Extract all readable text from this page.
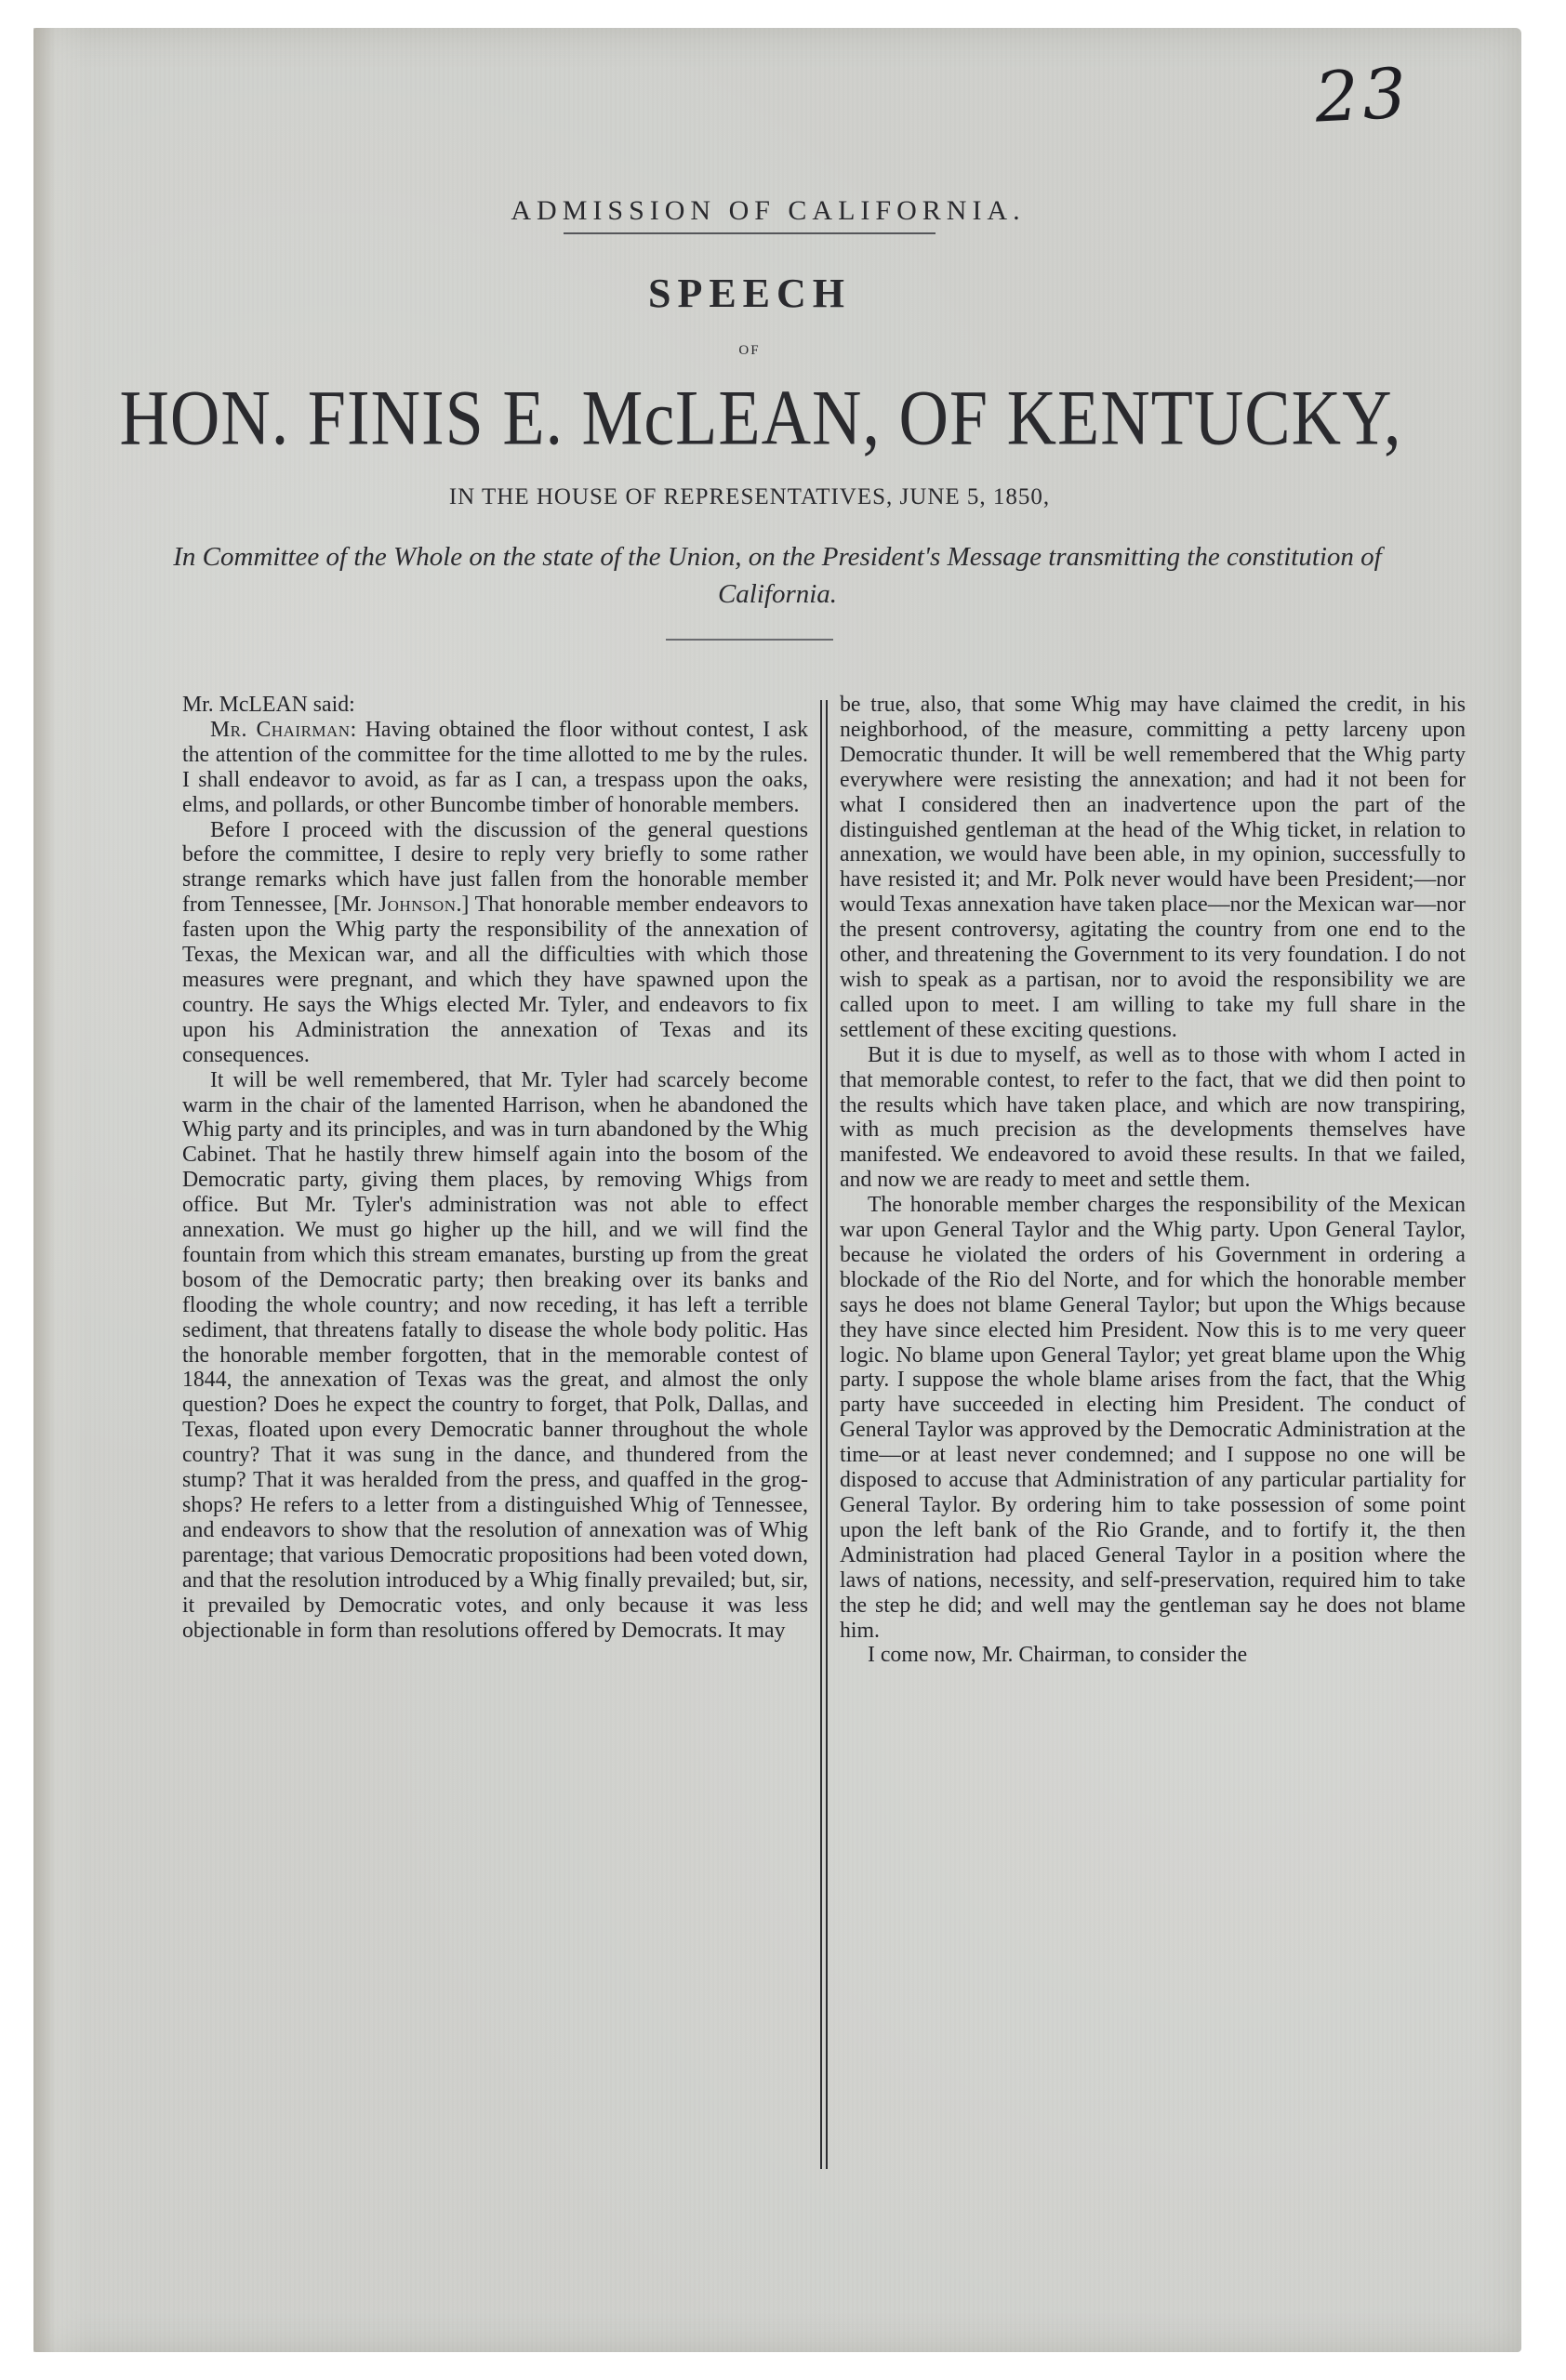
23
ADMISSION OF CALIFORNIA.
SPEECH
OF
HON. FINIS E. McLEAN, OF KENTUCKY,
IN THE HOUSE OF REPRESENTATIVES, JUNE 5, 1850,
In Committee of the Whole on the state of the Union, on the President's Message transmitting the constitution of California.

Mr. McLEAN said:

Mr. Chairman: Having obtained the floor without contest, I ask the attention of the committee for the time allotted to me by the rules. I shall endeavor to avoid, as far as I can, a trespass upon the oaks, elms, and pollards, or other Buncombe timber of honorable members.

Before I proceed with the discussion of the general questions before the committee, I desire to reply very briefly to some rather strange remarks which have just fallen from the honorable member from Tennessee, [Mr. Johnson.] That honorable member endeavors to fasten upon the Whig party the responsibility of the annexation of Texas, the Mexican war, and all the difficulties with which those measures were pregnant, and which they have spawned upon the country. He says the Whigs elected Mr. Tyler, and endeavors to fix upon his Administration the annexation of Texas and its consequences.

It will be well remembered, that Mr. Tyler had scarcely become warm in the chair of the lamented Harrison, when he abandoned the Whig party and its principles, and was in turn abandoned by the Whig Cabinet. That he hastily threw himself again into the bosom of the Democratic party, giving them places, by removing Whigs from office. But Mr. Tyler's administration was not able to effect annexation. We must go higher up the hill, and we will find the fountain from which this stream emanates, bursting up from the great bosom of the Democratic party; then breaking over its banks and flooding the whole country; and now receding, it has left a terrible sediment, that threatens fatally to disease the whole body politic. Has the honorable member forgotten, that in the memorable contest of 1844, the annexation of Texas was the great, and almost the only question? Does he expect the country to forget, that Polk, Dallas, and Texas, floated upon every Democratic banner throughout the whole country? That it was sung in the dance, and thundered from the stump? That it was heralded from the press, and quaffed in the grog-shops? He refers to a letter from a distinguished Whig of Tennessee, and endeavors to show that the resolution of annexation was of Whig parentage; that various Democratic propositions had been voted down, and that the resolution introduced by a Whig finally prevailed; but, sir, it prevailed by Democratic votes, and only because it was less objectionable in form than resolutions offered by Democrats. It may

be true, also, that some Whig may have claimed the credit, in his neighborhood, of the measure, committing a petty larceny upon Democratic thunder. It will be well remembered that the Whig party everywhere were resisting the annexation; and had it not been for what I considered then an inadvertence upon the part of the distinguished gentleman at the head of the Whig ticket, in relation to annexation, we would have been able, in my opinion, successfully to have resisted it; and Mr. Polk never would have been President;—nor would Texas annexation have taken place—nor the Mexican war—nor the present controversy, agitating the country from one end to the other, and threatening the Government to its very foundation. I do not wish to speak as a partisan, nor to avoid the responsibility we are called upon to meet. I am willing to take my full share in the settlement of these exciting questions.

But it is due to myself, as well as to those with whom I acted in that memorable contest, to refer to the fact, that we did then point to the results which have taken place, and which are now transpiring, with as much precision as the developments themselves have manifested. We endeavored to avoid these results. In that we failed, and now we are ready to meet and settle them.

The honorable member charges the responsibility of the Mexican war upon General Taylor and the Whig party. Upon General Taylor, because he violated the orders of his Government in ordering a blockade of the Rio del Norte, and for which the honorable member says he does not blame General Taylor; but upon the Whigs because they have since elected him President. Now this is to me very queer logic. No blame upon General Taylor; yet great blame upon the Whig party. I suppose the whole blame arises from the fact, that the Whig party have succeeded in electing him President. The conduct of General Taylor was approved by the Democratic Administration at the time—or at least never condemned; and I suppose no one will be disposed to accuse that Administration of any particular partiality for General Taylor. By ordering him to take possession of some point upon the left bank of the Rio Grande, and to fortify it, the then Administration had placed General Taylor in a position where the laws of nations, necessity, and self-preservation, required him to take the step he did; and well may the gentleman say he does not blame him.

I come now, Mr. Chairman, to consider the
